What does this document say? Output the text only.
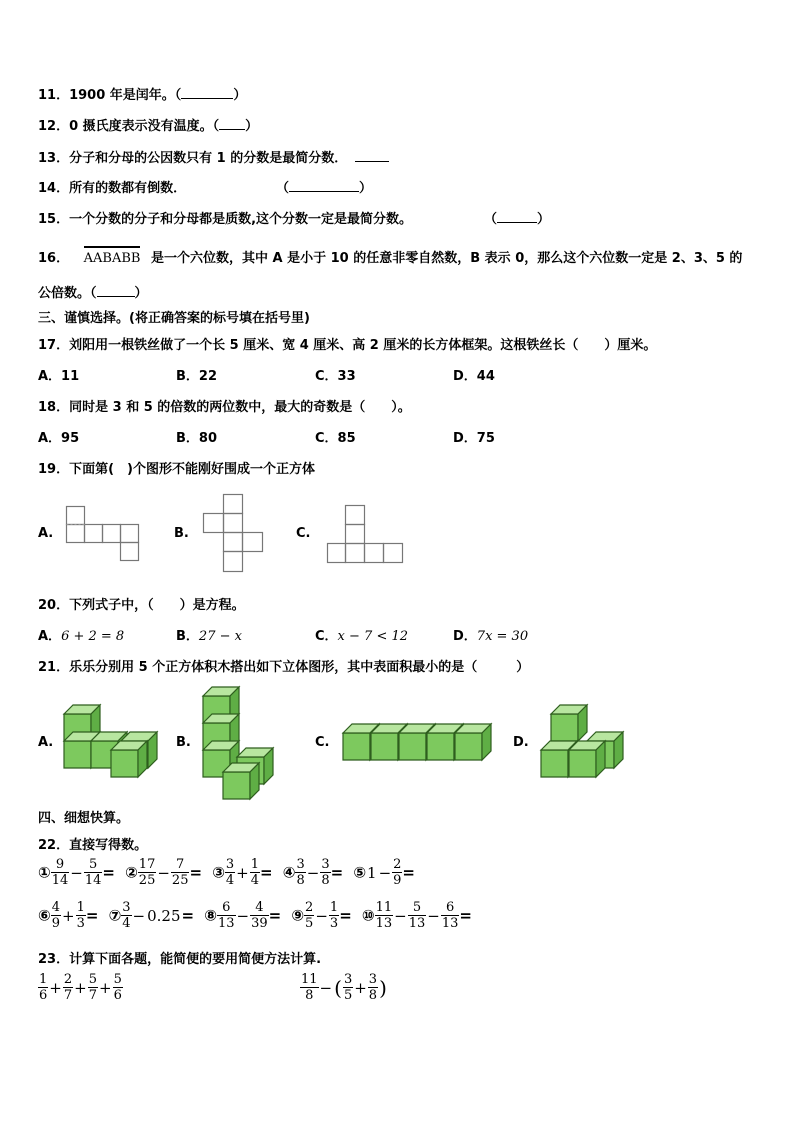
11．1900 年是闰年。（	）
12．0 摄氏度表示没有温度。（ ）
13．分子和分母的公因数只有 1 的分数是最简分数．
14．所有的数都有倒数．	（	）
15．一个分数的分子和分母都是质数,这个分数一定是最简分数。	（	）
16． AABABB 是一个六位数，其中 A 是小于 10 的任意非零自然数，B 表示 0，那么这个六位数一定是 2、3、5 的
公倍数。（	）
三、谨慎选择。(将正确答案的标号填在括号里)
17．刘阳用一根铁丝做了一个长 5 厘米、宽 4 厘米、高 2 厘米的长方体框架。这根铁丝长（　　）厘米。
A．11	B．22	C．33	D．44
18．同时是 3 和 5 的倍数的两位数中，最大的奇数是（　　）。
A．95	B．80	C．85	D．75
19．下面第(　)个图形不能刚好围成一个正方体
A.	B.	C.
20．下列式子中，（　　）是方程。
A．6 + 2 = 8	B．27 − x	C．x − 7 < 12	D．7x = 30
21．乐乐分别用 5 个正方体积木搭出如下立体图形，其中表面积最小的是（　　　）
A.	B.	C.	D.
四、细想快算。
22．直接写得数。
① $\frac{9}{14} - \frac{5}{14}$ = ② $\frac{17}{25} - \frac{7}{25}$ = ③ $\frac{3}{4} + \frac{1}{4}$ = ④ $\frac{3}{8} - \frac{3}{8}$ = ⑤1 − $\frac{2}{9}$ =
⑥ $\frac{4}{9} + \frac{1}{3}$ = ⑦ $\frac{3}{4} - 0.25=$ ⑧ $\frac{6}{13} - \frac{4}{39}$ = ⑨ $\frac{2}{5} - \frac{1}{3}$ = ⑩ $\frac{11}{13} - \frac{5}{13} - \frac{6}{13}$ =
23．计算下面各题，能简便的要用简便方法计算.
$\frac{1}{6} + \frac{2}{7} + \frac{5}{7} + \frac{5}{6}$	$\frac{11}{8}$ − ( $\frac{3}{5} + \frac{3}{8}$ )
